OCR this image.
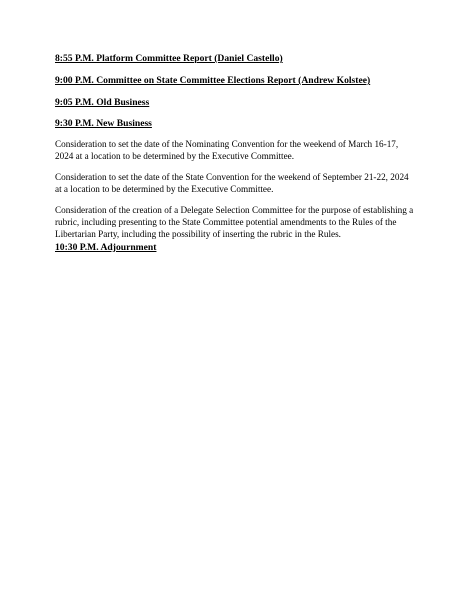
8:55 P.M. Platform Committee Report (Daniel Castello)
9:00 P.M. Committee on State Committee Elections Report (Andrew Kolstee)
9:05 P.M. Old Business
9:30 P.M. New Business

Consideration to set the date of the Nominating Convention for the weekend of March 16-17, 2024 at a location to be determined by the Executive Committee.

Consideration to set the date of the State Convention for the weekend of September 21-22, 2024 at a location to be determined by the Executive Committee.

Consideration of the creation of a Delegate Selection Committee for the purpose of establishing a rubric, including presenting to the State Committee potential amendments to the Rules of the Libertarian Party, including the possibility of inserting the rubric in the Rules.

10:30 P.M. Adjournment
